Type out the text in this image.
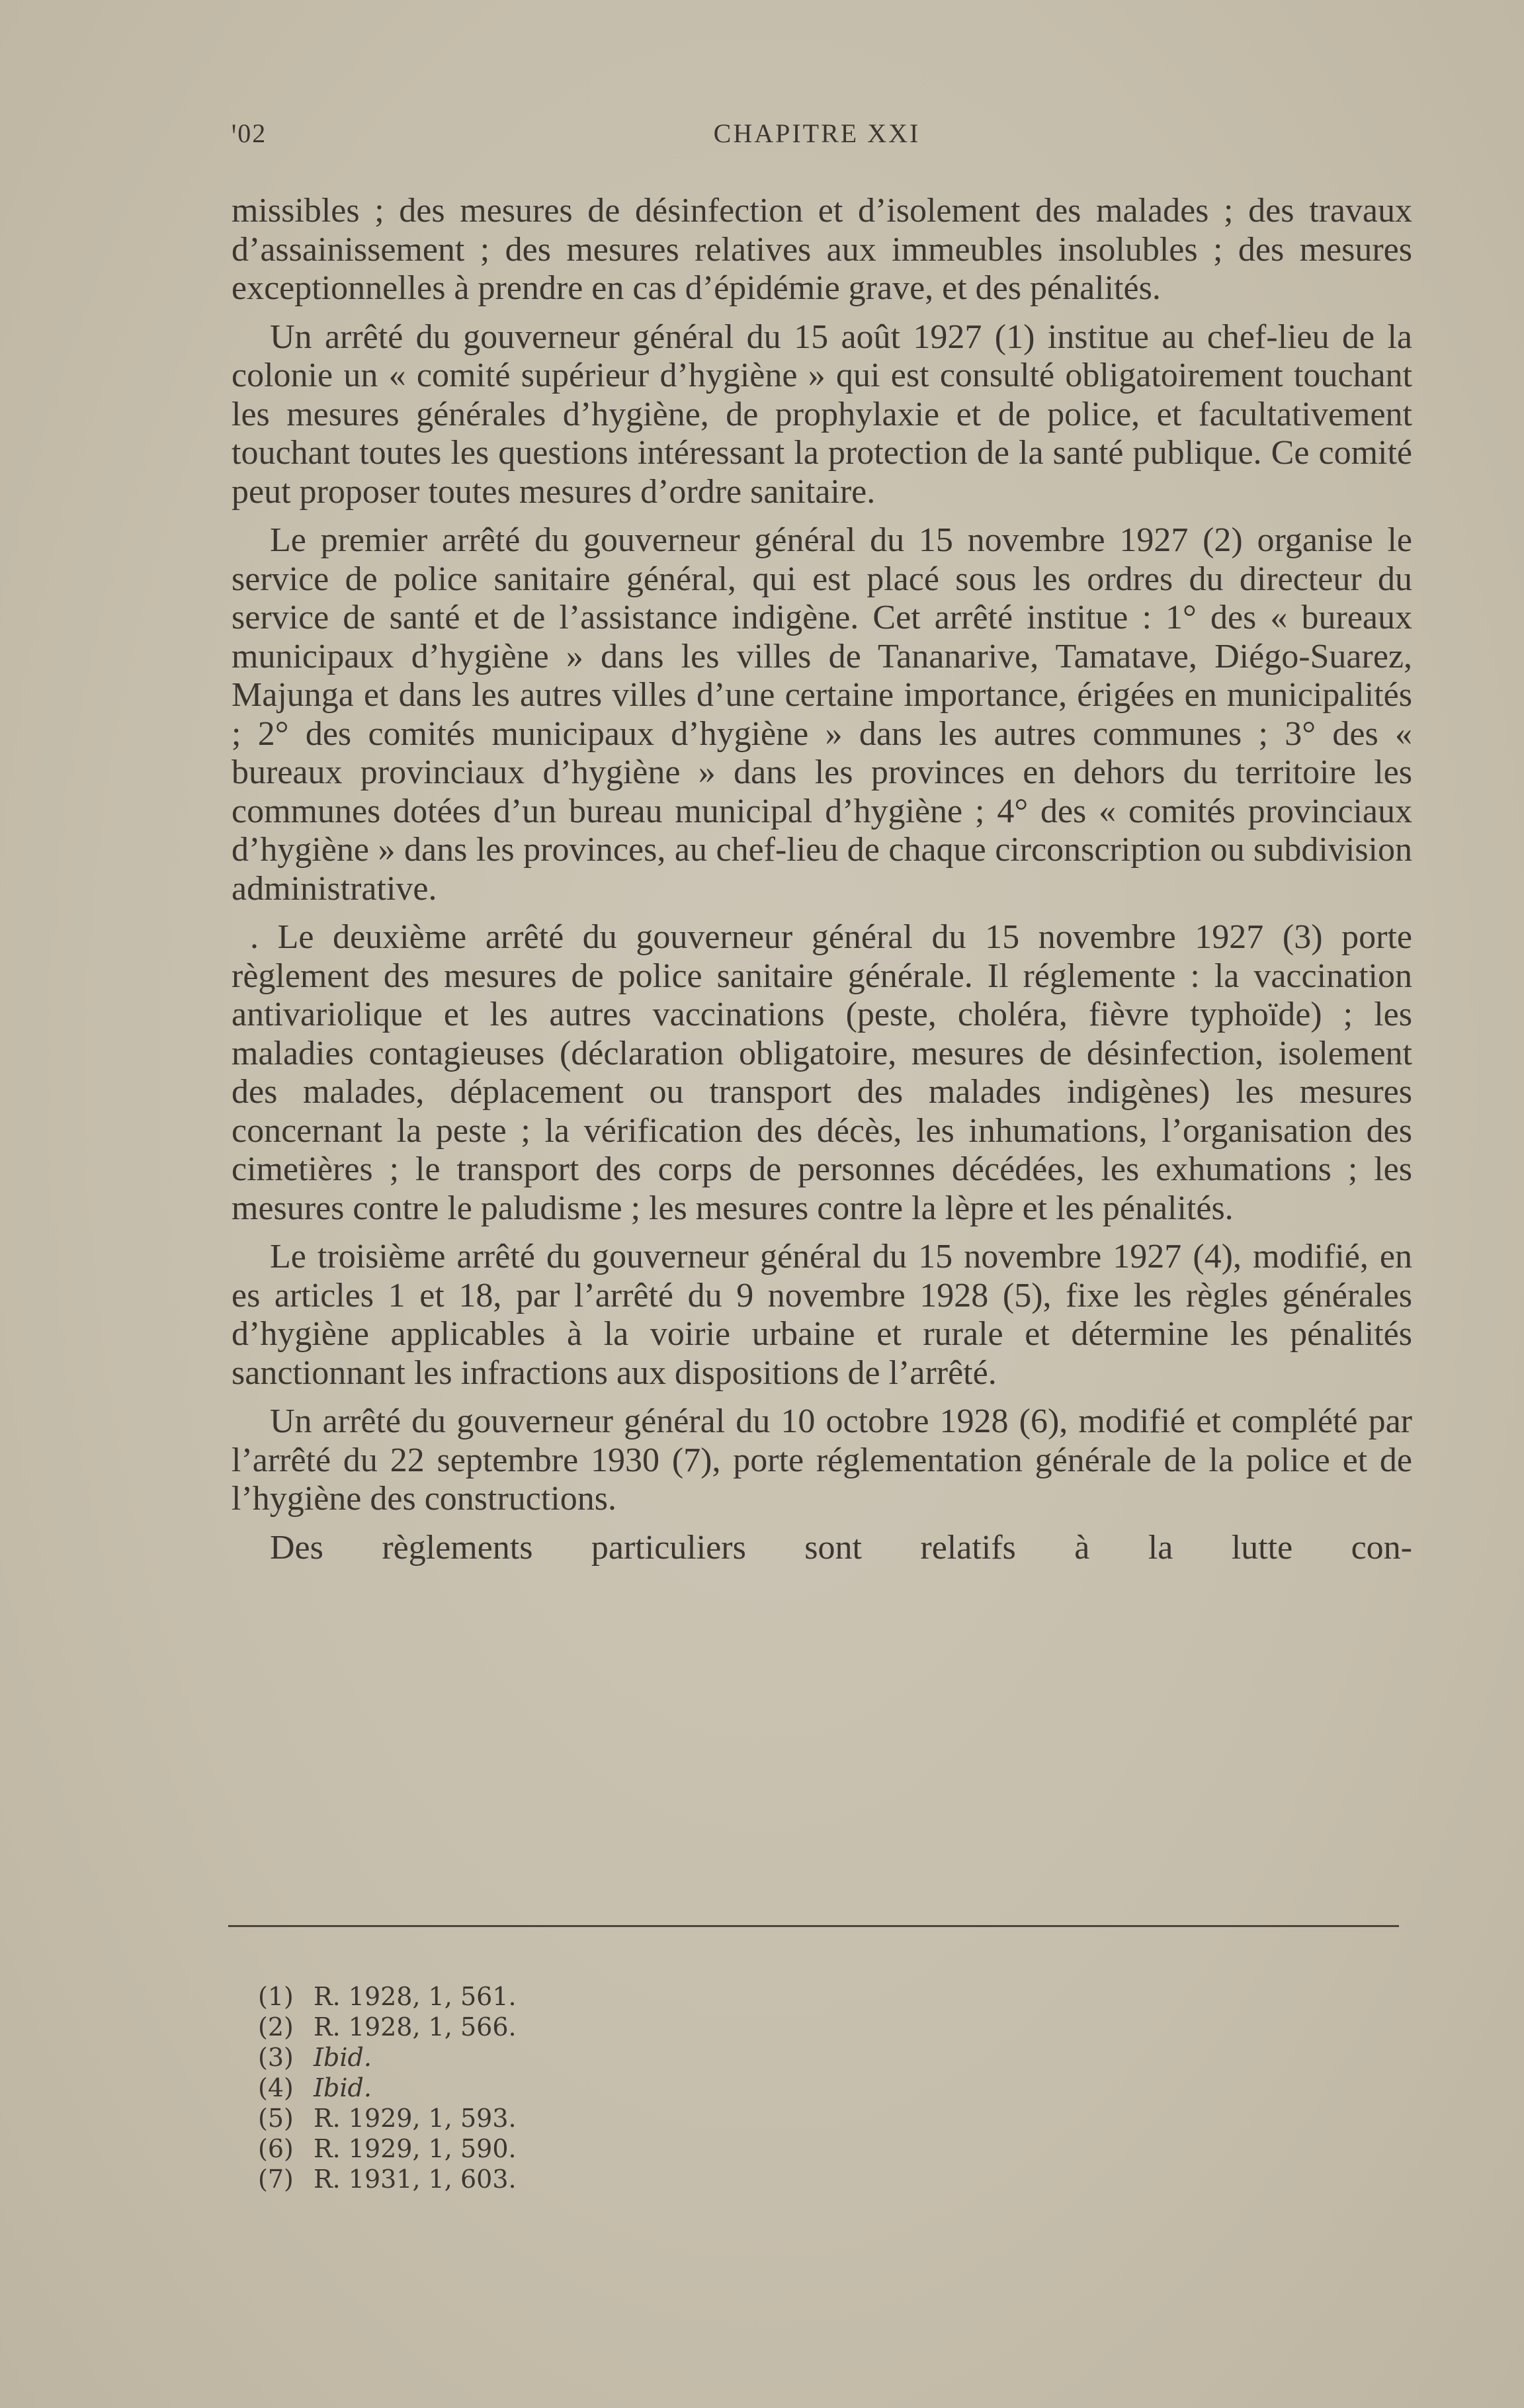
⁠ꞌ02	CHAPITRE XXI

missibles ; des mesures de désinfection et d’isolement des malades ; des travaux d’assainissement ; des mesures relatives aux immeubles insolubles ; des mesures exceptionnelles à prendre en cas d’épidémie grave, et des pénalités.

Un arrêté du gouverneur général du 15 août 1927 (1) institue au chef-lieu de la colonie un « comité supérieur d’hygiène » qui est consulté obligatoirement touchant les mesures générales d’hygiène, de prophylaxie et de police, et facultativement touchant toutes les questions intéressant la protection de la santé publique. Ce comité peut proposer toutes mesures d’ordre sanitaire.

Le premier arrêté du gouverneur général du 15 novembre 1927 (2) organise le service de police sanitaire général, qui est placé sous les ordres du directeur du service de santé et de l’assistance indigène. Cet arrêté institue : 1° des « bureaux municipaux d’hygiène » dans les villes de Tananarive, Tamatave, Diégo-Suarez, Majunga et dans les autres villes d’une certaine importance, érigées en municipalités ; 2° des comités municipaux d’hygiène » dans les autres communes ; 3° des « bureaux provinciaux d’hygiène » dans les provinces en dehors du territoire les communes dotées d’un bureau municipal d’hygiène ; 4° des « comités provinciaux d’hygiène » dans les provinces, au chef-lieu de chaque circonscription ou subdivision administrative.

. Le deuxième arrêté du gouverneur général du 15 novembre 1927 (3) porte règlement des mesures de police sanitaire générale. Il réglemente : la vaccination antivariolique et les autres vaccinations (peste, choléra, fièvre typhoïde) ; les maladies contagieuses (déclaration obligatoire, mesures de désinfection, isolement des malades, déplacement ou transport des malades indigènes) les mesures concernant la peste ; la vérification des décès, les inhumations, l’organisation des cimetières ; le transport des corps de personnes décédées, les exhumations ; les mesures contre le paludisme ; les mesures contre la lèpre et les pénalités.

Le troisième arrêté du gouverneur général du 15 novembre 1927 (4), modifié, en es articles 1 et 18, par l’arrêté du 9 novembre 1928 (5), fixe les règles générales d’hygiène applicables à la voirie urbaine et rurale et détermine les pénalités sanctionnant les infractions aux dispositions de l’arrêté.

Un arrêté du gouverneur général du 10 octobre 1928 (6), modifié et complété par l’arrêté du 22 septembre 1930 (7), porte réglementation générale de la police et de l’hygiène des constructions.

Des règlements particuliers sont relatifs à la lutte con-

(1) R. 1928, 1, 561.
(2) R. 1928, 1, 566.
(3) Ibid.
(4) Ibid.
(5) R. 1929, 1, 593.
(6) R. 1929, 1, 590.
(7) R. 1931, 1, 603.
